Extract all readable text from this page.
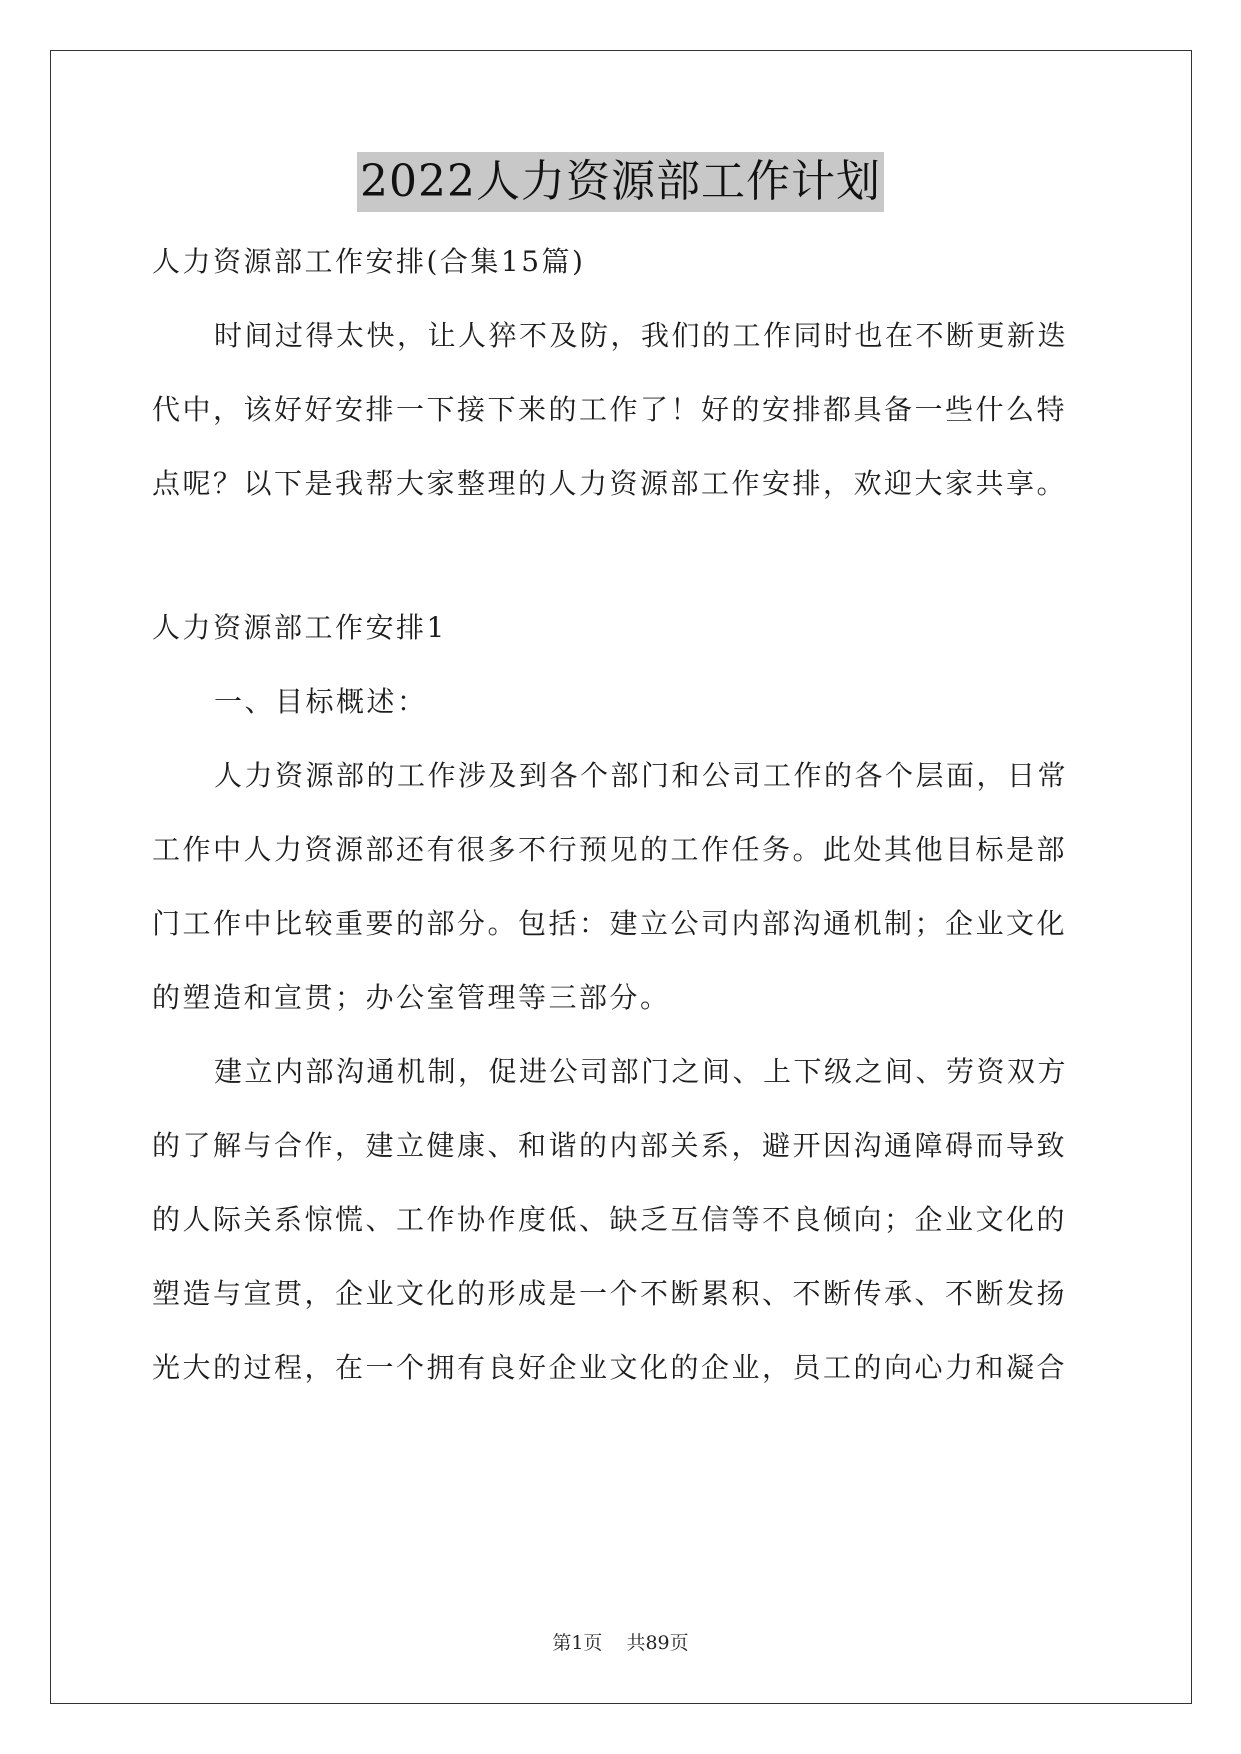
2022人力资源部工作计划
人力资源部工作安排(合集15篇)
时间过得太快，让人猝不及防，我们的工作同时也在不断更新迭
代中，该好好安排一下接下来的工作了！好的安排都具备一些什么特
点呢？以下是我帮大家整理的人力资源部工作安排，欢迎大家共享。
人力资源部工作安排1
一、目标概述：
人力资源部的工作涉及到各个部门和公司工作的各个层面，日常
工作中人力资源部还有很多不行预见的工作任务。此处其他目标是部
门工作中比较重要的部分。包括：建立公司内部沟通机制；企业文化
的塑造和宣贯；办公室管理等三部分。
建立内部沟通机制，促进公司部门之间、上下级之间、劳资双方
的了解与合作，建立健康、和谐的内部关系，避开因沟通障碍而导致
的人际关系惊慌、工作协作度低、缺乏互信等不良倾向；企业文化的
塑造与宣贯，企业文化的形成是一个不断累积、不断传承、不断发扬
光大的过程，在一个拥有良好企业文化的企业，员工的向心力和凝合
第1页 共89页
